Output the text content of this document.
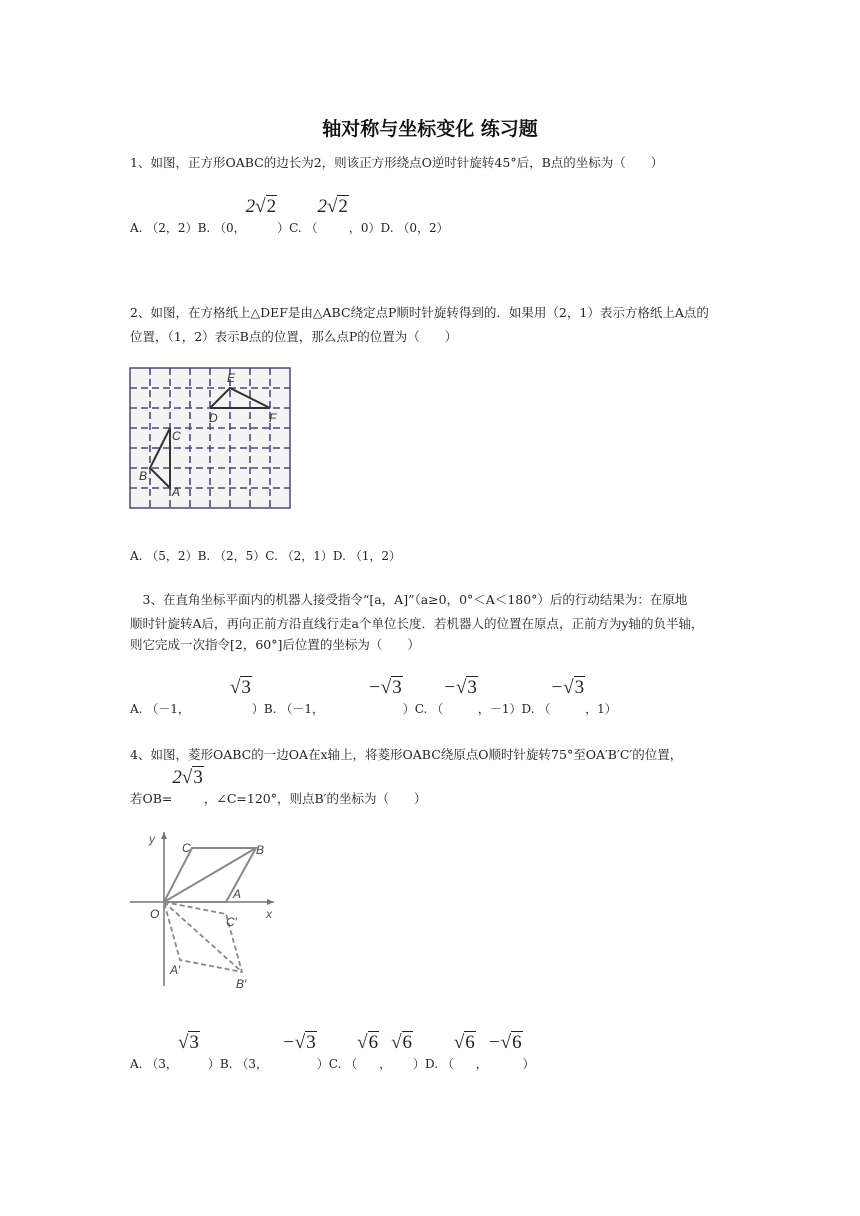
轴对称与坐标变化 练习题
1、如图，正方形OABC的边长为2，则该正方形绕点O逆时针旋转45°后，B点的坐标为（　　）
A. （2，2）B. （0，
2√2
）C. （
2√2
，0）D. （0，2）
2、如图，在方格纸上△DEF是由△ABC绕定点P顺时针旋转得到的．如果用（2，1）表示方格纸上A点的
位置，（1，2）表示B点的位置，那么点P的位置为（　　）
E
D	F
C
B
A
A. （5，2）B. （2，5）C. （2，1）D. （1，2）
　3、在直角坐标平面内的机器人接受指令“[a，A]”（a≥0，0°＜A＜180°）后的行动结果为：在原地
顺时针旋转A后，再向正前方沿直线行走a个单位长度．若机器人的位置在原点，正前方为y轴的负半轴，
则它完成一次指令[2，60°]后位置的坐标为（　　）
A. （－1，
√3
）B. （－1，
−√3
）C. （
−√3
，－1）D. （
−√3
，1）
4、如图，菱形OABC的一边OA在x轴上，将菱形OABC绕原点O顺时针旋转75°至OA′B′C′的位置，
若OB=
2√3
，∠C=120°，则点B′的坐标为（　　）
y
x
O
C	B
A
C′
A′
B′
A. （3，
√3
）B. （3，
−√3
）C. （
√6
，
√6
）D. （
√6
，
−√6
）
